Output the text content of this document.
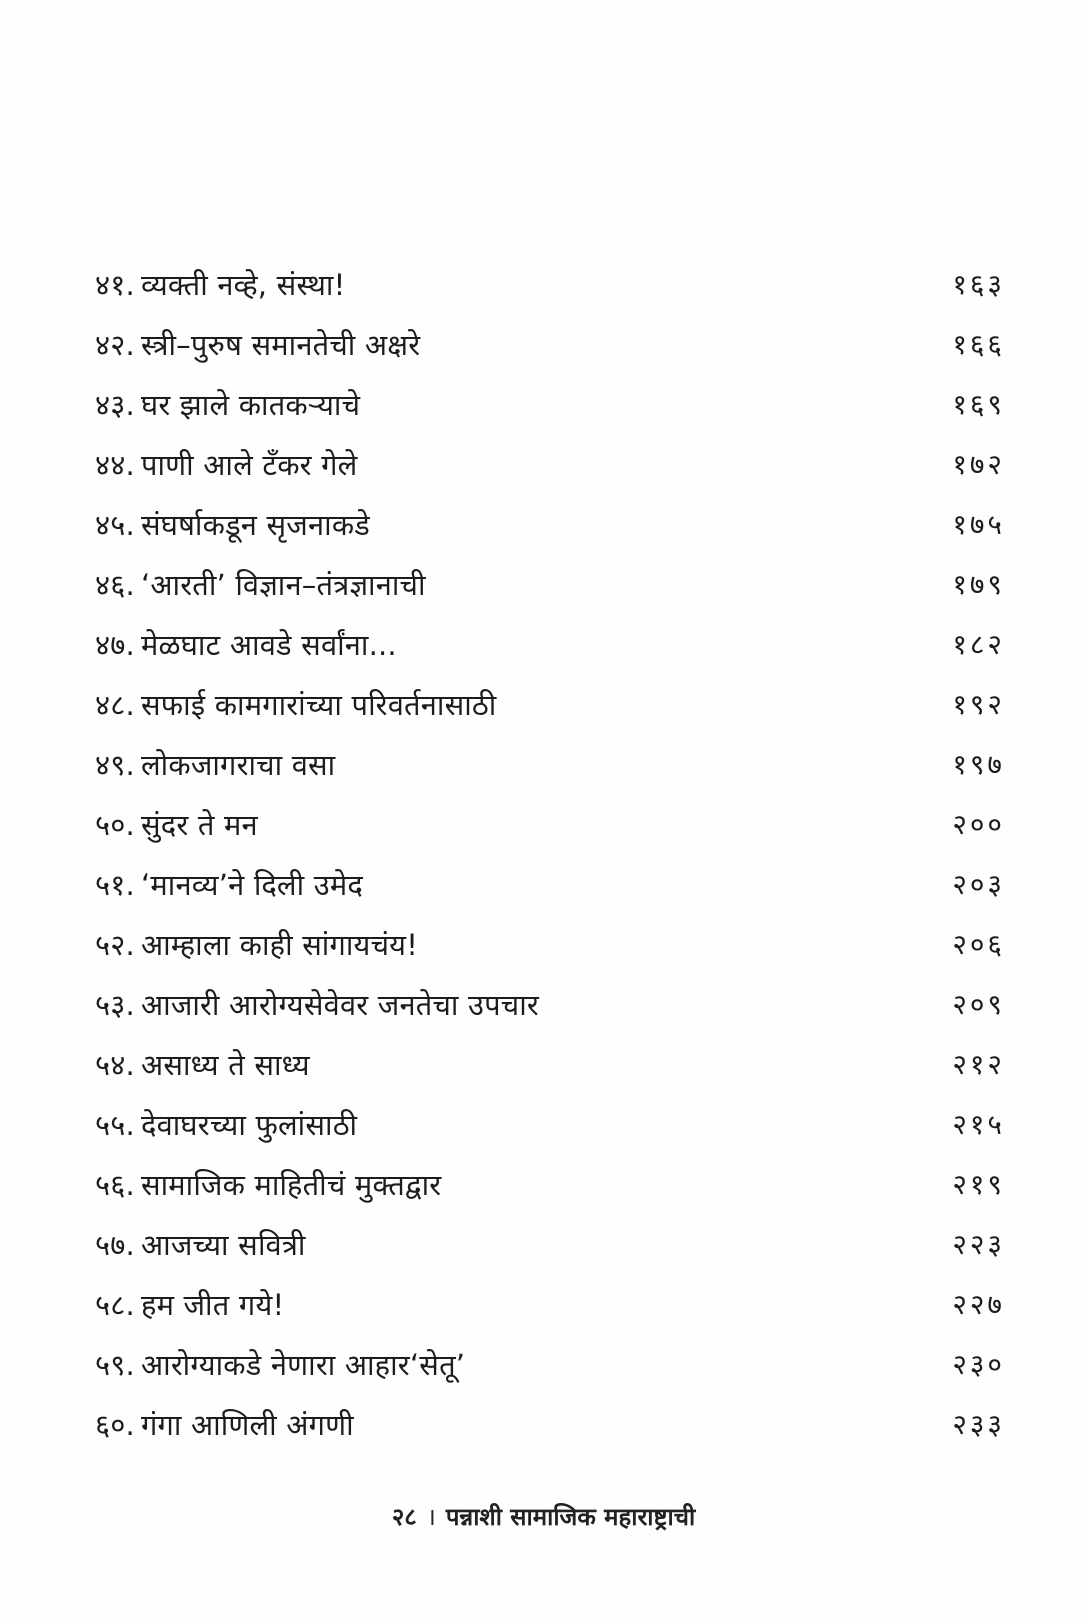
४१. व्यक्ती नव्हे, संस्था!	१६३
४२. स्त्री–पुरुष समानतेची अक्षरे	१६६
४३. घर झाले कातकऱ्याचे	१६९
४४. पाणी आले टँकर गेले	१७२
४५. संघर्षाकडून सृजनाकडे	१७५
४६. ‘आरती’ विज्ञान–तंत्रज्ञानाची	१७९
४७. मेळघाट आवडे सर्वांना...	१८२
४८. सफाई कामगारांच्या परिवर्तनासाठी	१९२
४९. लोकजागराचा वसा	१९७
५०. सुंदर ते मन	२००
५१. ‘मानव्य’ने दिली उमेद	२०३
५२. आम्हाला काही सांगायचंय!	२०६
५३. आजारी आरोग्यसेवेवर जनतेचा उपचार	२०९
५४. असाध्य ते साध्य	२१२
५५. देवाघरच्या फुलांसाठी	२१५
५६. सामाजिक माहितीचं मुक्तद्वार	२१९
५७. आजच्या सवित्री	२२३
५८. हम जीत गये!	२२७
५९. आरोग्याकडे नेणारा आहार‘सेतू’	२३०
६०. गंगा आणिली अंगणी	२३३
२८ । पन्नाशी सामाजिक महाराष्ट्राची
